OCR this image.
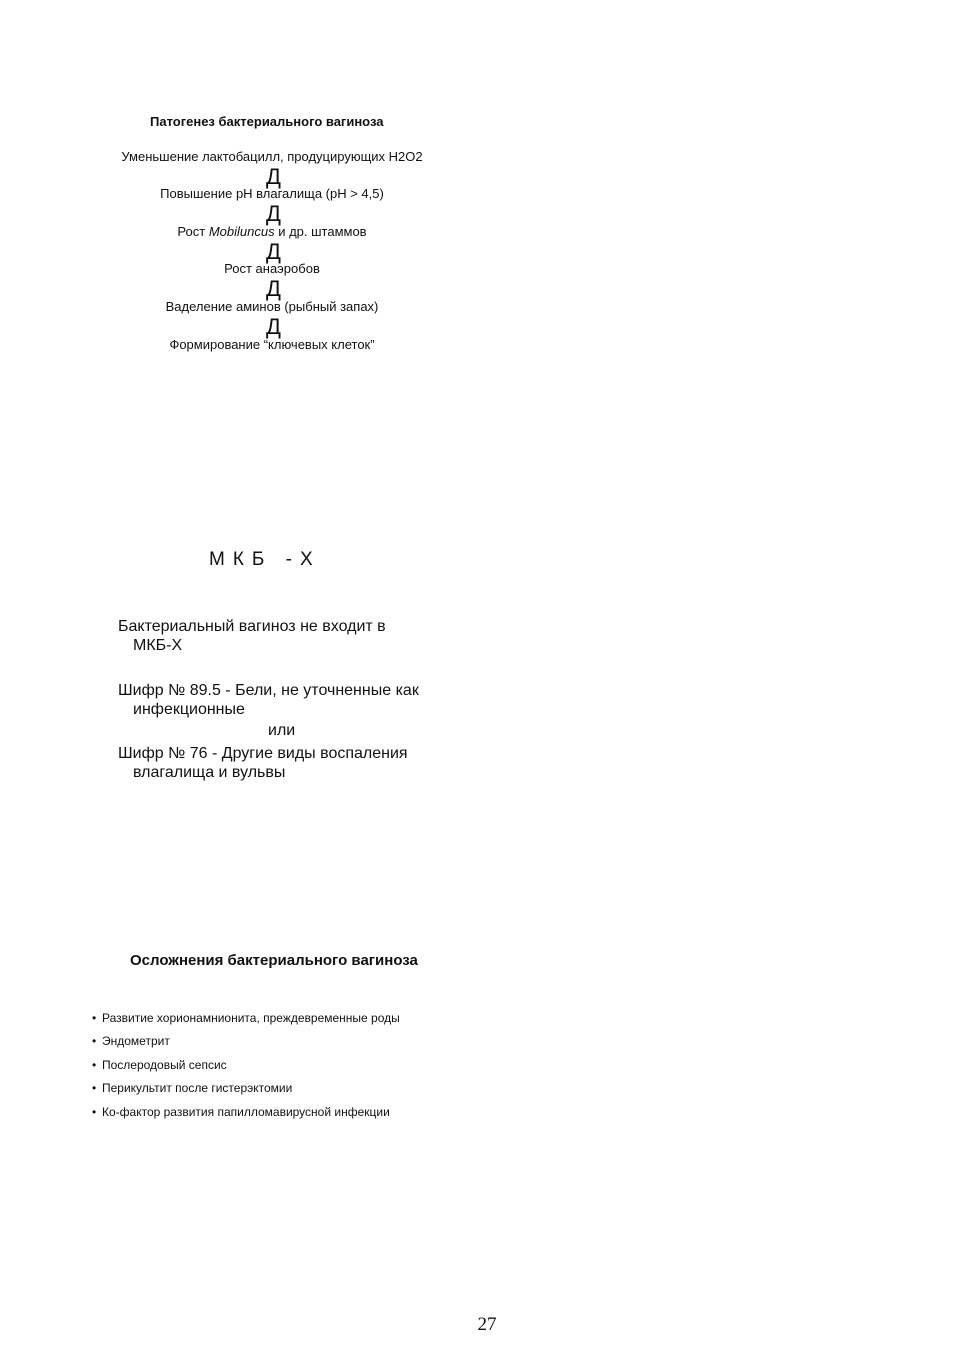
Патогенез бактериального вагиноза
Уменьшение лактобацилл, продуцирующих Н2О2
Д
Повышение рН влагалища (рН > 4,5)
Д
Рост Mobiluncus и др. штаммов
Д
Рост анаэробов
Д
Ваделение аминов (рыбный запах)
Д
Формирование “ключевых клеток”
МКБ -Х
Бактериальный вагиноз не входит в
МКБ-Х
Шифр № 89.5 - Бели, не уточненные как
инфекционные
или
Шифр № 76 - Другие виды воспаления
влагалища и вульвы
Осложнения бактериального вагиноза
• Развитие хорионамнионита, преждевременные роды
• Эндометрит
• Послеродовый сепсис
• Перикультит после гистерэктомии
• Ко-фактор развития папилломавирусной инфекции
27
